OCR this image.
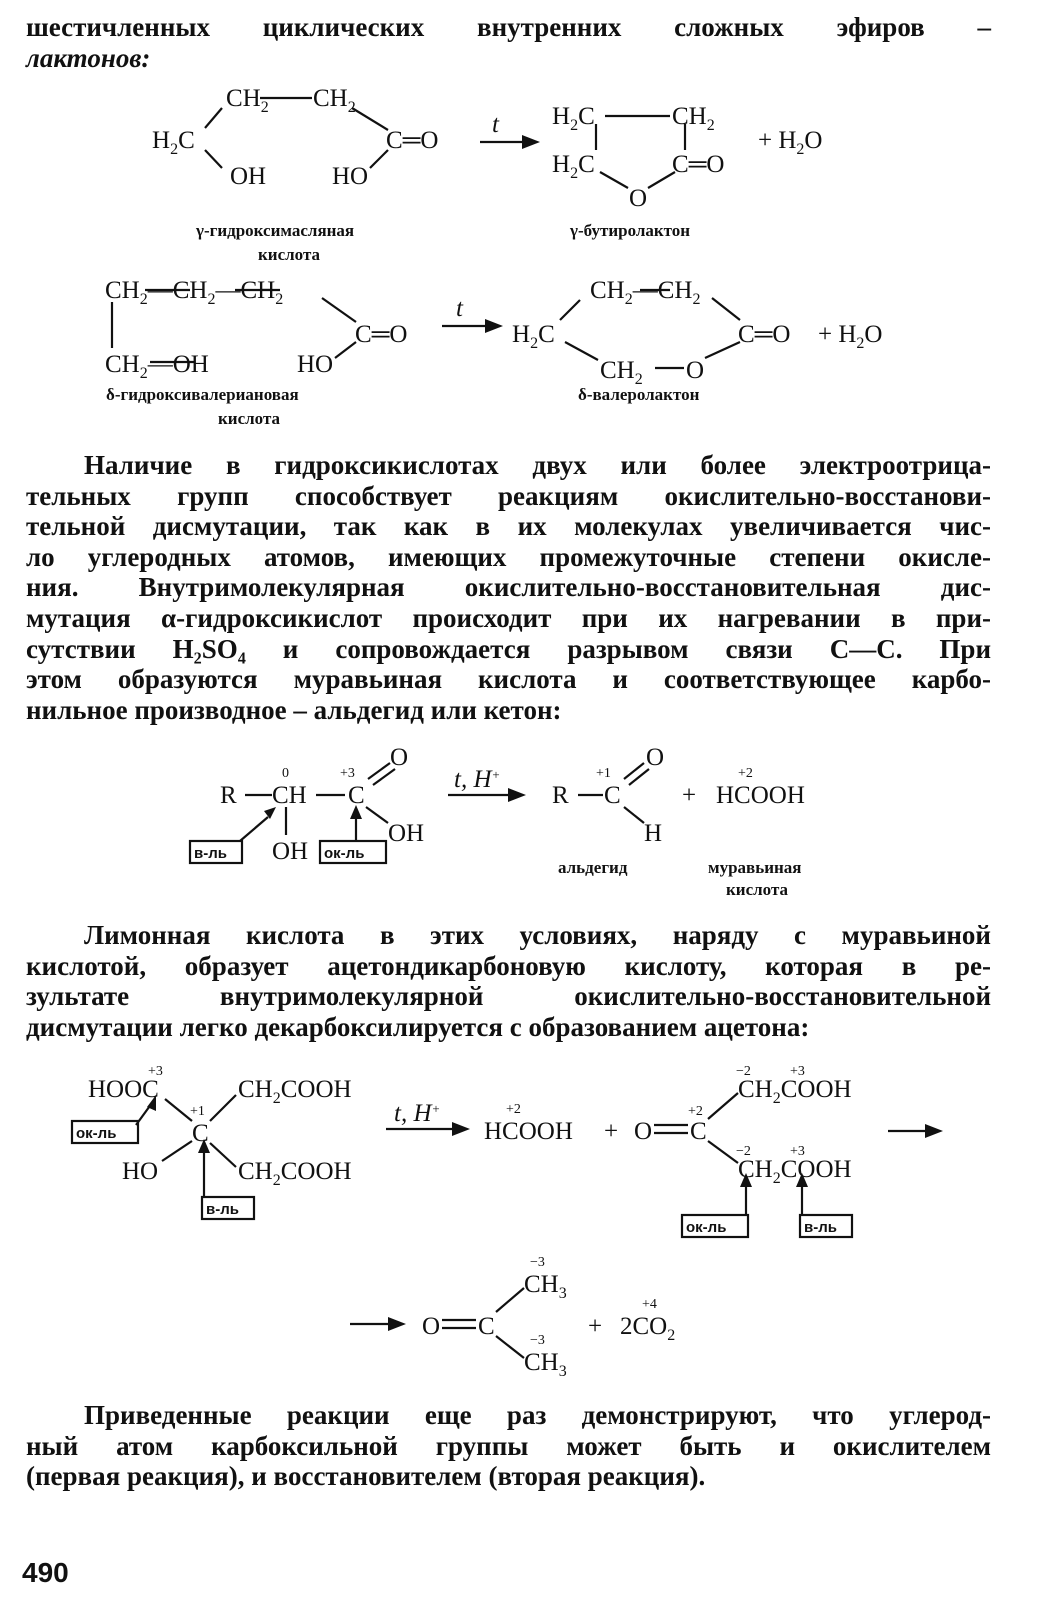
шестичленных циклических внутренних сложных эфиров –
лактонов:

$CH_2$ $CH_2$
$H_2C$
OH	HO
C═O
t $H_2C$	$CH_2$
$H_2C$
O
C═O
+ $H_2O$
γ-гидроксимасляная
кислота
γ-бутиролактон
$CH_2—CH_2—CH_2$
$CH_2—OH$	HO
C═O
t
$H_2C$
$CH_2—CH_2$
$CH_2$ O
C═O + $H_2O$
δ-гидроксивалериановая
кислота
δ-валеролактон

Наличие в гидроксикислотах двух или более электроотрица-
тельных групп способствует реакциям окислительно-восстанови-
тельной дисмутации, так как в их молекулах увеличивается чис-
ло углеродных атомов, имеющих промежуточные степени окисле-
ния. Внутримолекулярная окислительно-восстановительная дис-
мутация α-гидроксикислот происходит при их нагревании в при-
сутствии H₂SO₄ и сопровождается разрывом связи С—С. При
этом образуются муравьиная кислота и соответствующее карбо-
нильное производное – альдегид или кетон:

R
0
CH
+3
C
O
OH
OH
в-ль	ок-ль
t, H+
R
+1
C
O
H
+
+2
HCOOH
альдегид	муравьиная
кислота

Лимонная кислота в этих условиях, наряду с муравьиной
кислотой, образует ацетондикарбоновую кислоту, которая в ре-
зультате внутримолекулярной окислительно-восстановительной
дисмутации легко декарбоксилируется с образованием ацетона:

+3
HOOC
HO
+1
C
$CH_2COOH$
$CH_2COOH$
ок-ль
в-ль
t, H+	+2
HCOOH + O
+2
C
−2	+3
$CH_2COOH$
−2	+3
$CH_2COOH$
ок-ль	в-ль
O C
−3
$CH_3$
−3
$CH_3$
+
+4
$2CO_2$

Приведенные реакции еще раз демонстрируют, что углерод-
ный атом карбоксильной группы может быть и окислителем
(первая реакция), и восстановителем (вторая реакция).

490
